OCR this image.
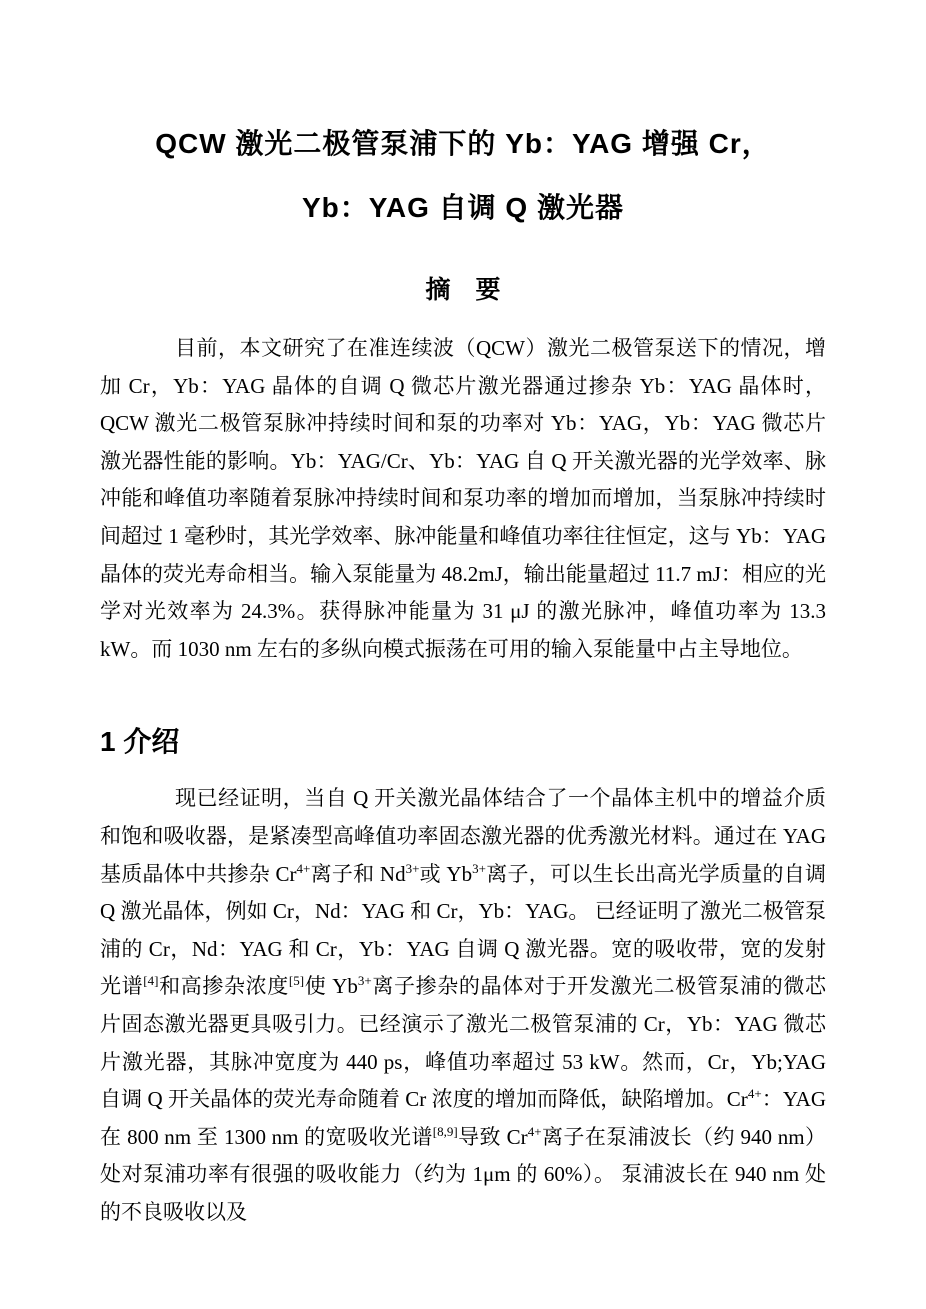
QCW 激光二极管泵浦下的 Yb：YAG 增强 Cr，
Yb：YAG 自调 Q 激光器
摘　要

目前，本文研究了在准连续波（QCW）激光二极管泵送下的情况，增加 Cr，Yb：YAG 晶体的自调 Q 微芯片激光器通过掺杂 Yb：YAG 晶体时， QCW 激光二极管泵脉冲持续时间和泵的功率对 Yb：YAG，Yb：YAG 微芯片激光器性能的影响。Yb：YAG/Cr、Yb：YAG 自 Q 开关激光器的光学效率、脉冲能和峰值功率随着泵脉冲持续时间和泵功率的增加而增加，当泵脉冲持续时间超过 1 毫秒时，其光学效率、脉冲能量和峰值功率往往恒定，这与 Yb：YAG 晶体的荧光寿命相当。输入泵能量为 48.2mJ，输出能量超过 11.7 mJ：相应的光学对光效率为 24.3%。获得脉冲能量为 31 μJ 的激光脉冲，峰值功率为 13.3 kW。而 1030 nm 左右的多纵向模式振荡在可用的输入泵能量中占主导地位。

1 介绍

现已经证明，当自 Q 开关激光晶体结合了一个晶体主机中的增益介质和饱和吸收器，是紧凑型高峰值功率固态激光器的优秀激光材料。通过在 YAG 基质晶体中共掺杂 $Cr^{4+}$离子和 $Nd^{3+}$或 $Yb^{3+}$离子，可以生长出高光学质量的自调 Q 激光晶体，例如 Cr，Nd：YAG 和 Cr，Yb：YAG。 已经证明了激光二极管泵浦的 Cr，Nd：YAG 和 Cr，Yb：YAG 自调 Q 激光器。宽的吸收带，宽的发射光谱[4]和高掺杂浓度[5]使 $Yb^{3+}$离子掺杂的晶体对于开发激光二极管泵浦的微芯片固态激光器更具吸引力。已经演示了激光二极管泵浦的 Cr，Yb：YAG 微芯片激光器，其脉冲宽度为 440 ps，峰值功率超过 53 kW。然而，Cr，Yb;YAG 自调 Q 开关晶体的荧光寿命随着 Cr 浓度的增加而降低，缺陷增加。$Cr^{4+}$：YAG 在 800 nm 至 1300 nm 的宽吸收光谱[8,9]导致 $Cr^{4+}$离子在泵浦波长（约 940 nm）处对泵浦功率有很强的吸收能力（约为 1μm 的 60%）。 泵浦波长在 940 nm 处的不良吸收以及
